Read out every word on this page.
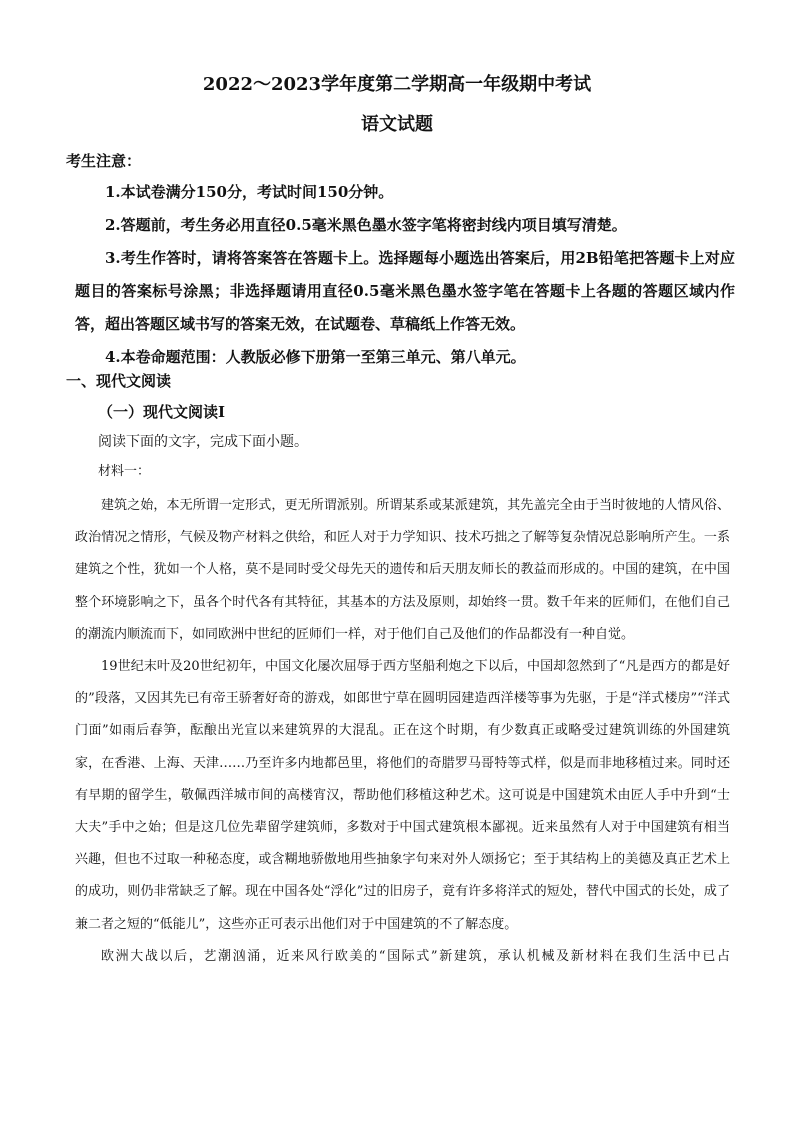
2022～2023学年度第二学期高一年级期中考试
语文试题
考生注意：

1.本试卷满分150分，考试时间150分钟。

2.答题前，考生务必用直径0.5毫米黑色墨水签字笔将密封线内项目填写清楚。

3.考生作答时，请将答案答在答题卡上。选择题每小题选出答案后，用2B铅笔把答题卡上对应题目的答案标号涂黑；非选择题请用直径0.5毫米黑色墨水签字笔在答题卡上各题的答题区域内作答，超出答题区域书写的答案无效，在试题卷、草稿纸上作答无效。

4.本卷命题范围：人教版必修下册第一至第三单元、第八单元。

一、现代文阅读
（一）现代文阅读Ⅰ
阅读下面的文字，完成下面小题。
材料一：

建筑之始，本无所谓一定形式，更无所谓派别。所谓某系或某派建筑，其先盖完全由于当时彼地的人情风俗、政治情况之情形，气候及物产材料之供给，和匠人对于力学知识、技术巧拙之了解等复杂情况总影响所产生。一系建筑之个性，犹如一个人格，莫不是同时受父母先天的遗传和后天朋友师长的教益而形成的。中国的建筑，在中国整个环境影响之下，虽各个时代各有其特征，其基本的方法及原则，却始终一贯。数千年来的匠师们，在他们自己的潮流内顺流而下，如同欧洲中世纪的匠师们一样，对于他们自己及他们的作品都没有一种自觉。

19世纪末叶及20世纪初年，中国文化屡次屈辱于西方坚船利炮之下以后，中国却忽然到了“凡是西方的都是好的”段落，又因其先已有帝王骄奢好奇的游戏，如郎世宁草在圆明园建造西洋楼等事为先驱，于是“洋式楼房”“洋式门面”如雨后春笋，酝酿出光宣以来建筑界的大混乱。正在这个时期，有少数真正或略受过建筑训练的外国建筑家，在香港、上海、天津……乃至许多内地都邑里，将他们的奇腊罗马哥特等式样，似是而非地移植过来。同时还有早期的留学生，敬佩西洋城市间的高楼宵汉，帮助他们移植这种艺术。这可说是中国建筑术由匠人手中升到“士大夫”手中之始；但是这几位先辈留学建筑师，多数对于中国式建筑根本鄙视。近来虽然有人对于中国建筑有相当兴趣，但也不过取一种秘态度，或含糊地骄傲地用些抽象字句来对外人颂扬它；至于其结构上的美德及真正艺术上的成功，则仍非常缺乏了解。现在中国各处“浮化”过的旧房子，竟有许多将洋式的短处，替代中国式的长处，成了兼二者之短的“低能儿”，这些亦正可表示出他们对于中国建筑的不了解态度。

欧洲大战以后，艺潮汹涌，近来风行欧美的“国际式”新建筑，承认机械及新材料在我们生活中已占
